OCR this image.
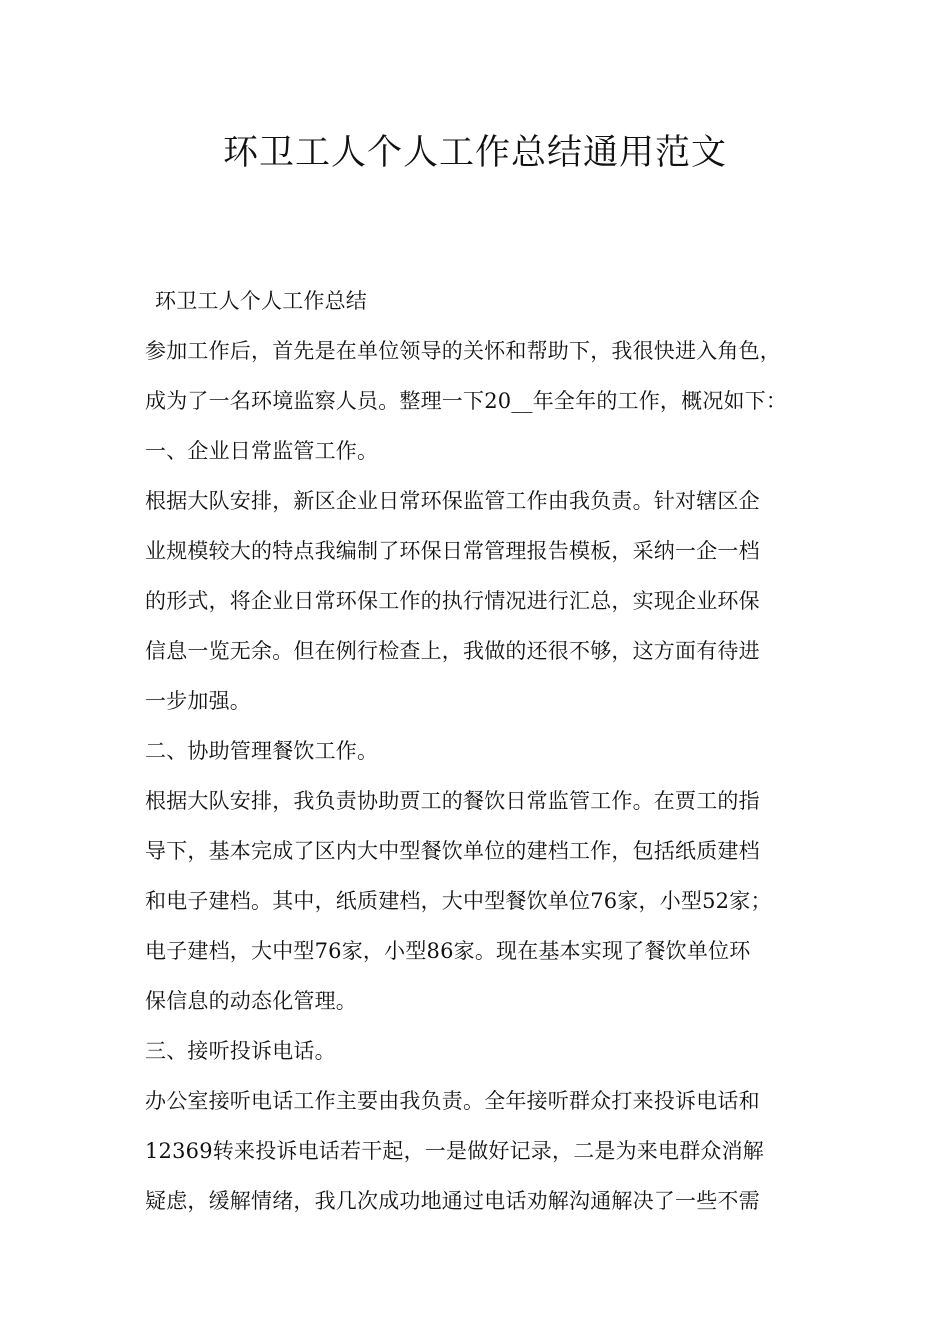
环卫工人个人工作总结通用范文
环卫工人个人工作总结
参加工作后，首先是在单位领导的关怀和帮助下，我很快进入角色，
成为了一名环境监察人员。整理一下20__年全年的工作，概况如下：
一、企业日常监管工作。
根据大队安排，新区企业日常环保监管工作由我负责。针对辖区企
业规模较大的特点我编制了环保日常管理报告模板，采纳一企一档
的形式，将企业日常环保工作的执行情况进行汇总，实现企业环保
信息一览无余。但在例行检查上，我做的还很不够，这方面有待进
一步加强。
二、协助管理餐饮工作。
根据大队安排，我负责协助贾工的餐饮日常监管工作。在贾工的指
导下，基本完成了区内大中型餐饮单位的建档工作，包括纸质建档
和电子建档。其中，纸质建档，大中型餐饮单位76家，小型52家；
电子建档，大中型76家，小型86家。现在基本实现了餐饮单位环
保信息的动态化管理。
三、接听投诉电话。
办公室接听电话工作主要由我负责。全年接听群众打来投诉电话和
12369转来投诉电话若干起，一是做好记录，二是为来电群众消解
疑虑，缓解情绪，我几次成功地通过电话劝解沟通解决了一些不需
